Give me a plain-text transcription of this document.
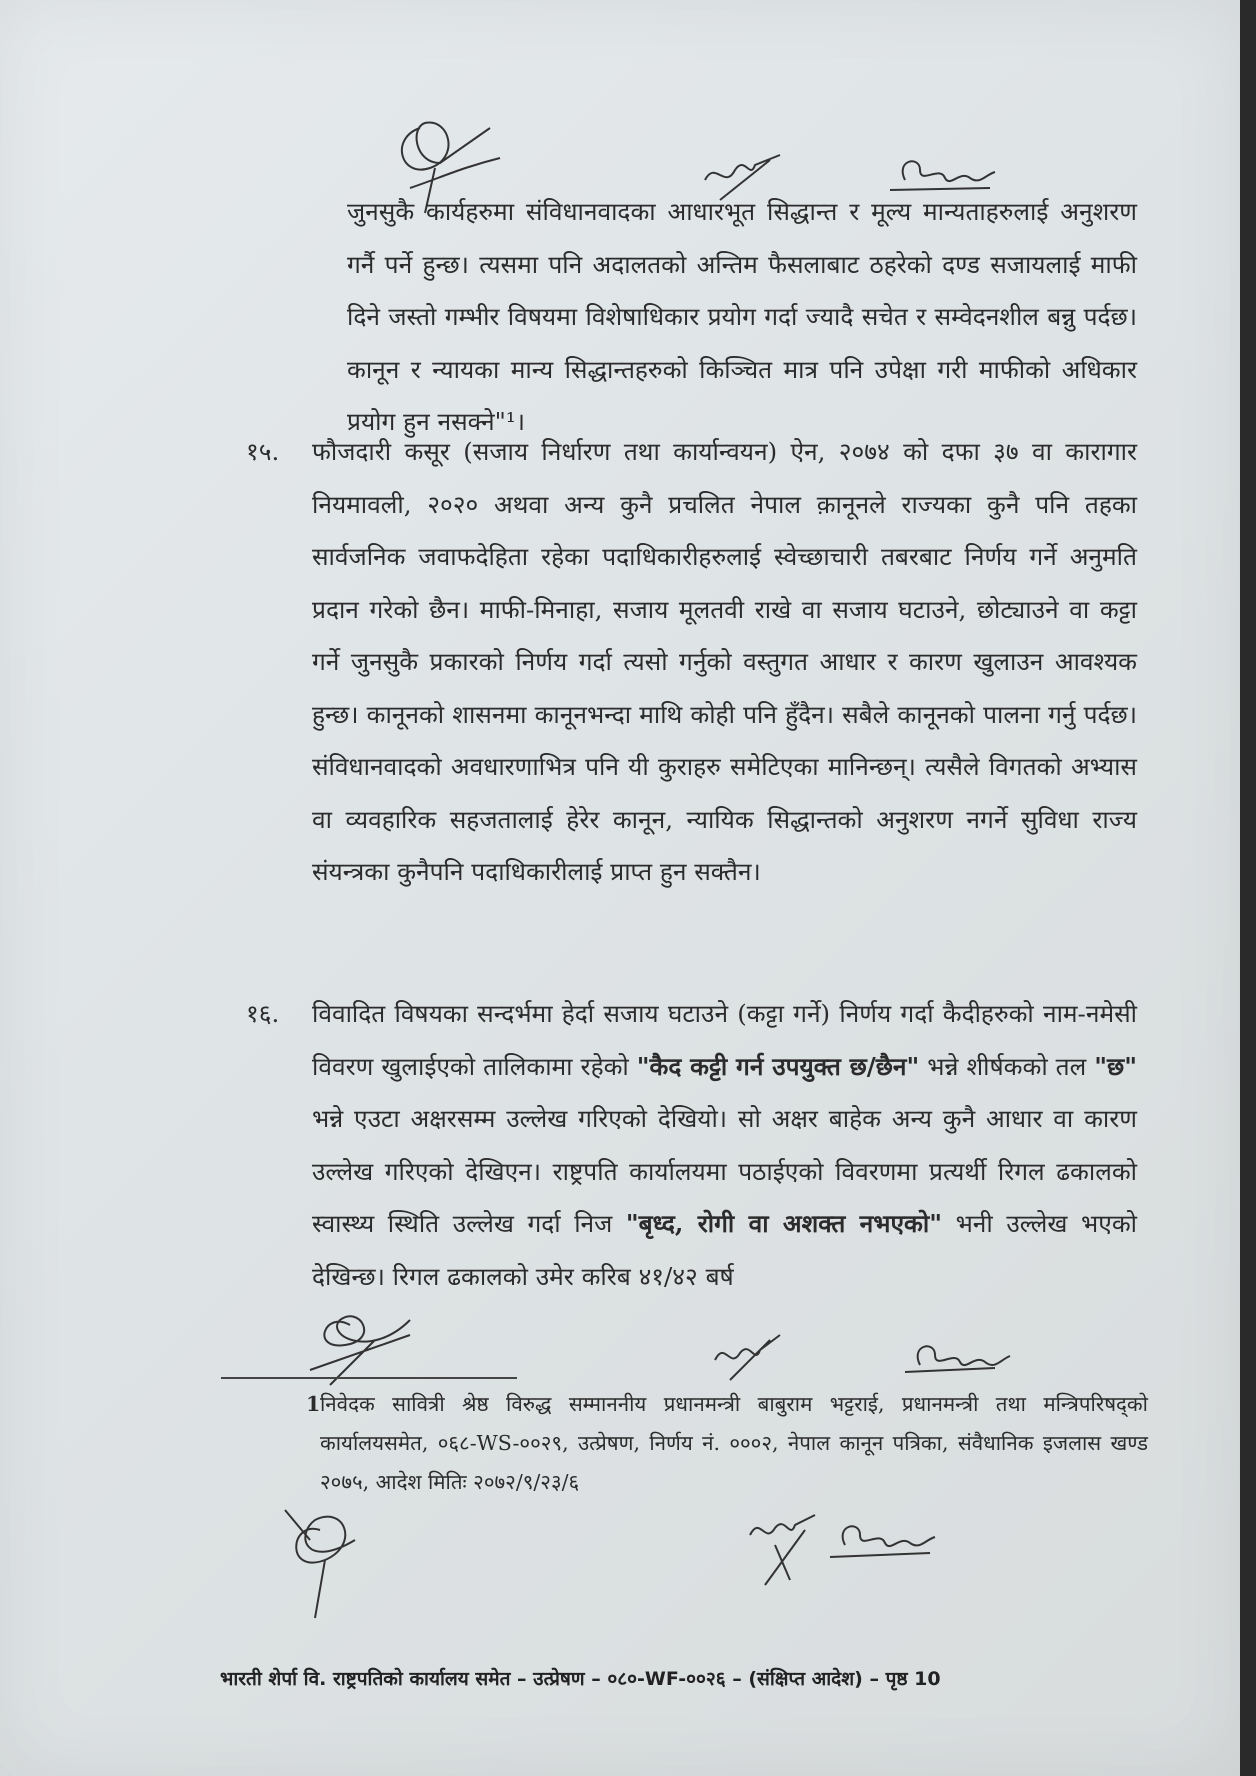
जुनसुकै कार्यहरुमा संविधानवादका आधारभूत सिद्धान्त र मूल्य मान्यताहरुलाई अनुशरण गर्नै पर्ने हुन्छ। त्यसमा पनि अदालतको अन्तिम फैसलाबाट ठहरेको दण्ड सजायलाई माफी दिने जस्तो गम्भीर विषयमा विशेषाधिकार प्रयोग गर्दा ज्यादै सचेत र सम्वेदनशील बन्नु पर्दछ। कानून र न्यायका मान्य सिद्धान्तहरुको किञ्चित मात्र पनि उपेक्षा गरी माफीको अधिकार प्रयोग हुन नसक्ने"¹।
१५. फौजदारी कसूर (सजाय निर्धारण तथा कार्यान्वयन) ऐन, २०७४ को दफा ३७ वा कारागार नियमावली, २०२० अथवा अन्य कुनै प्रचलित नेपाल क़ानूनले राज्यका कुनै पनि तहका सार्वजनिक जवाफदेहिता रहेका पदाधिकारीहरुलाई स्वेच्छाचारी तबरबाट निर्णय गर्ने अनुमति प्रदान गरेको छैन। माफी-मिनाहा, सजाय मूलतवी राखे वा सजाय घटाउने, छोट्याउने वा कट्टा गर्ने जुनसुकै प्रकारको निर्णय गर्दा त्यसो गर्नुको वस्तुगत आधार र कारण खुलाउन आवश्यक हुन्छ। कानूनको शासनमा कानूनभन्दा माथि कोही पनि हुँदैन। सबैले कानूनको पालना गर्नु पर्दछ। संविधानवादको अवधारणाभित्र पनि यी कुराहरु समेटिएका मानिन्छन्। त्यसैले विगतको अभ्यास वा व्यवहारिक सहजतालाई हेरेर कानून, न्यायिक सिद्धान्तको अनुशरण नगर्ने सुविधा राज्य संयन्त्रका कुनैपनि पदाधिकारीलाई प्राप्त हुन सक्तैन।
१६. विवादित विषयका सन्दर्भमा हेर्दा सजाय घटाउने (कट्टा गर्ने) निर्णय गर्दा कैदीहरुको नाम-नमेसी विवरण खुलाईएको तालिकामा रहेको "कैद कट्टी गर्न उपयुक्त छ/छैन" भन्ने शीर्षकको तल "छ" भन्ने एउटा अक्षरसम्म उल्लेख गरिएको देखियो। सो अक्षर बाहेक अन्य कुनै आधार वा कारण उल्लेख गरिएको देखिएन। राष्ट्रपति कार्यालयमा पठाईएको विवरणमा प्रत्यर्थी रिगल ढकालको स्वास्थ्य स्थिति उल्लेख गर्दा निज "बृध्द, रोगी वा अशक्त नभएको" भनी उल्लेख भएको देखिन्छ। रिगल ढकालको उमेर करिब ४१/४२ बर्ष
1 निवेदक सावित्री श्रेष्ठ विरुद्ध सम्माननीय प्रधानमन्त्री बाबुराम भट्टराई, प्रधानमन्त्री तथा मन्त्रिपरिषद्को कार्यालयसमेत, ०६८-WS-००२९, उत्प्रेषण, निर्णय नं. ०००२, नेपाल कानून पत्रिका, संवैधानिक इजलास खण्ड २०७५, आदेश मितिः २०७२/९/२३/६
भारती शेर्पा वि. राष्ट्रपतिको कार्यालय समेत – उत्प्रेषण – ०८०-WF-००२६ – (संक्षिप्त आदेश) – पृष्ठ 10
